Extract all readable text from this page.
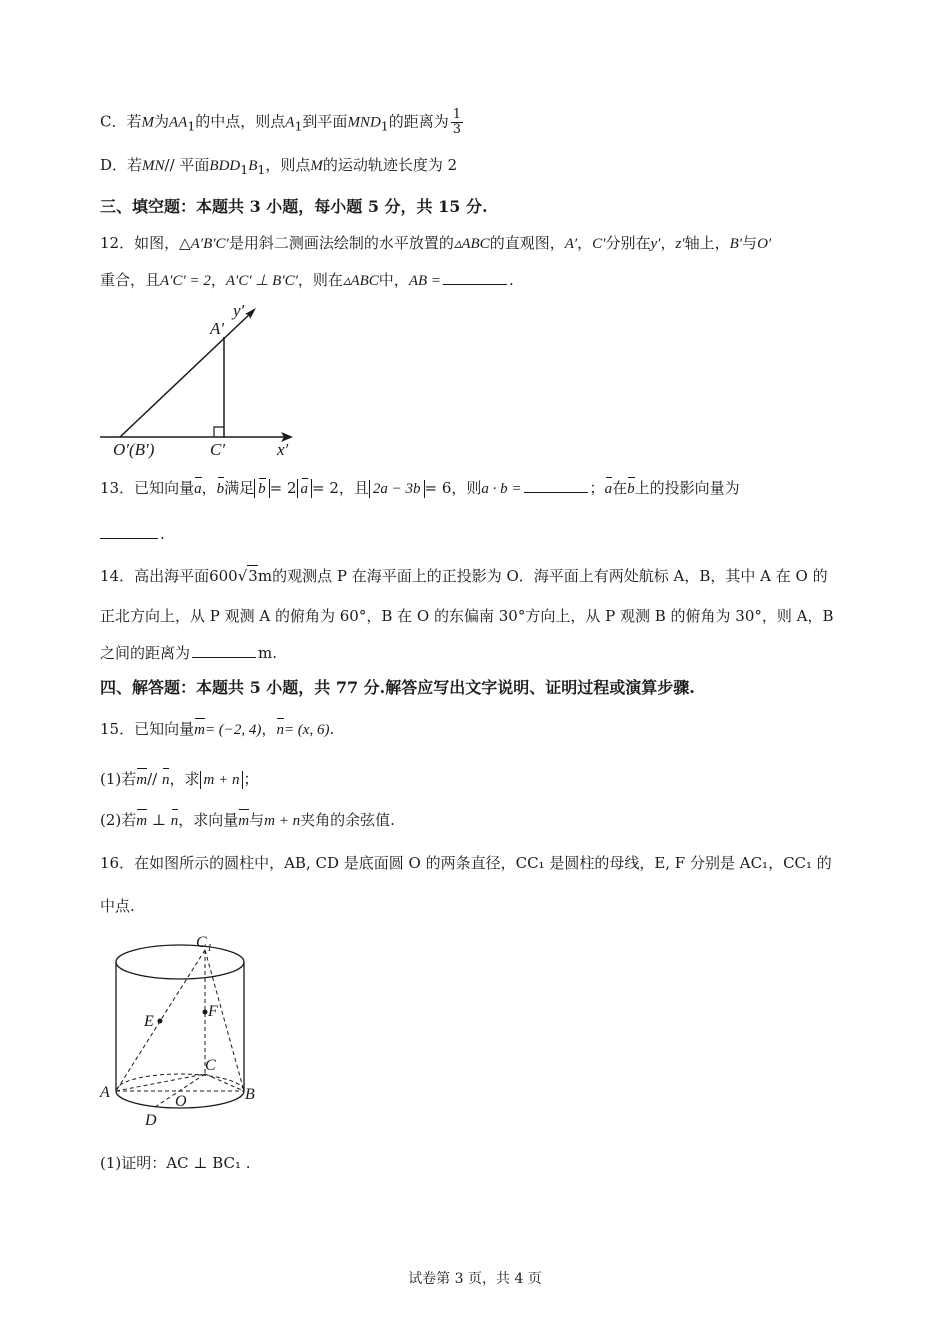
C．若M为$AA_1$的中点，则点$A_1$到平面$MND_1$的距离为 $\frac{1}{3}$
D．若MN// 平面$BDD_1B_1$，则点M的运动轨迹长度为 2
三、填空题：本题共 3 小题，每小题 5 分，共 15 分.
12．如图，△A′B′C′是用斜二测画法绘制的水平放置的▵ABC的直观图，A′，C′分别在y′，z′轴上，B′与O′
重合，且A′C′ = 2，A′C′ ⊥ B′C′，则在▵ABC中，AB =	.
y′
A′
O′(B′)	C′	x′
13．已知向量a，b满足 b = 2 a = 2，且 2a − 3b = 6，则a · b =	；a在b上的投影向量为
.
14．高出海平面600√3m的观测点 P 在海平面上的正投影为 O．海平面上有两处航标 A，B，其中 A 在 O 的
正北方向上，从 P 观测 A 的俯角为 60°，B 在 O 的东偏南 30°方向上，从 P 观测 B 的俯角为 30°，则 A，B
之间的距离为	m.
四、解答题：本题共 5 小题，共 77 分.解答应写出文字说明、证明过程或演算步骤.
15．已知向量m= (−2, 4)，n= (x, 6).
(1)若m// n，求 m + n ；
(2)若m ⊥ n，求向量m与m + n夹角的余弦值.
16．在如图所示的圆柱中，AB, CD 是底面圆 O 的两条直径，CC₁ 是圆柱的母线，E, F 分别是 AC₁，CC₁ 的
中点.
C 1
E
F
C
A	B
O
D
(1)证明：AC ⊥ BC₁ .
试卷第 3 页，共 4 页
